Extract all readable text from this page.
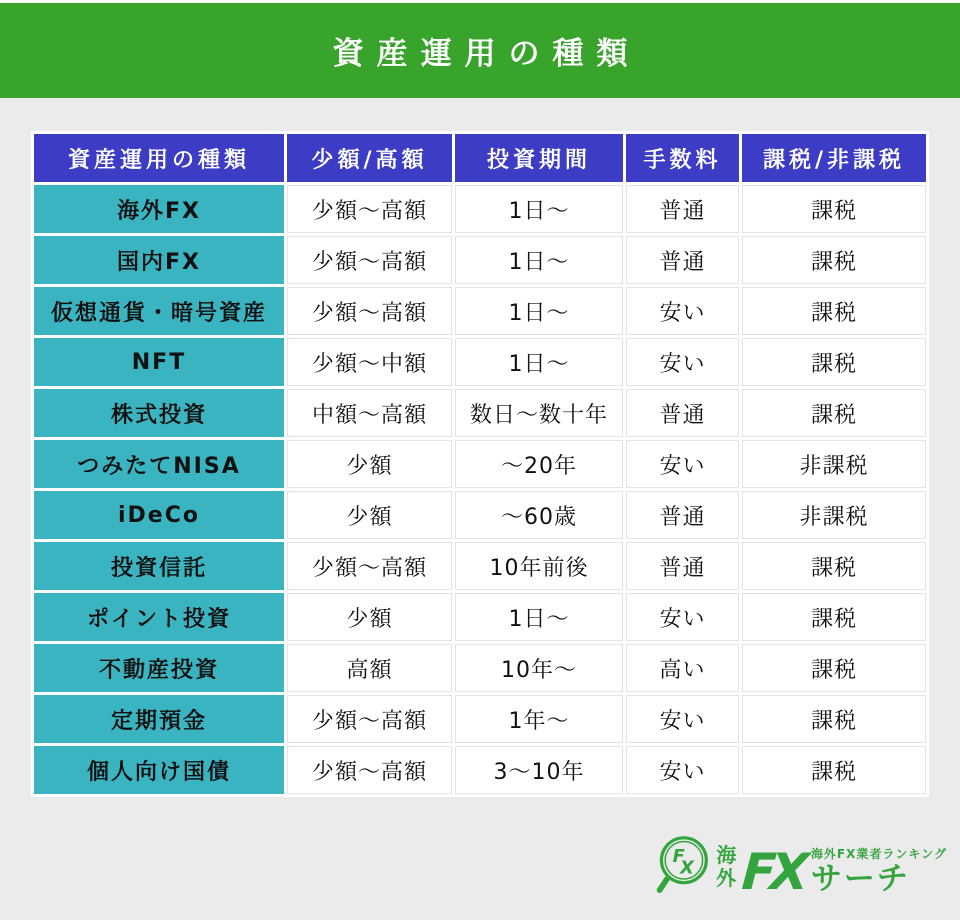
資産運用の種類
資産運用の種類	少額/高額	投資期間	手数料	課税/非課税
海外FX	少額〜高額	1日〜	普通	課税
国内FX	少額〜高額	1日〜	普通	課税
仮想通貨・暗号資産	少額〜高額	1日〜	安い	課税
NFT	少額〜中額	1日〜	安い	課税
株式投資	中額〜高額	数日〜数十年	普通	課税
つみたてNISA	少額	〜20年	安い	非課税
iDeCo	少額	〜60歳	普通	非課税
投資信託	少額〜高額	10年前後	普通	課税
ポイント投資	少額	1日〜	安い	課税
不動産投資	高額	10年〜	高い	課税
定期預金	少額〜高額	1年〜	安い	課税
個人向け国債	少額〜高額	3〜10年	安い	課税
F
X
海
外 FX 海外FX業者ランキング
サーチ
